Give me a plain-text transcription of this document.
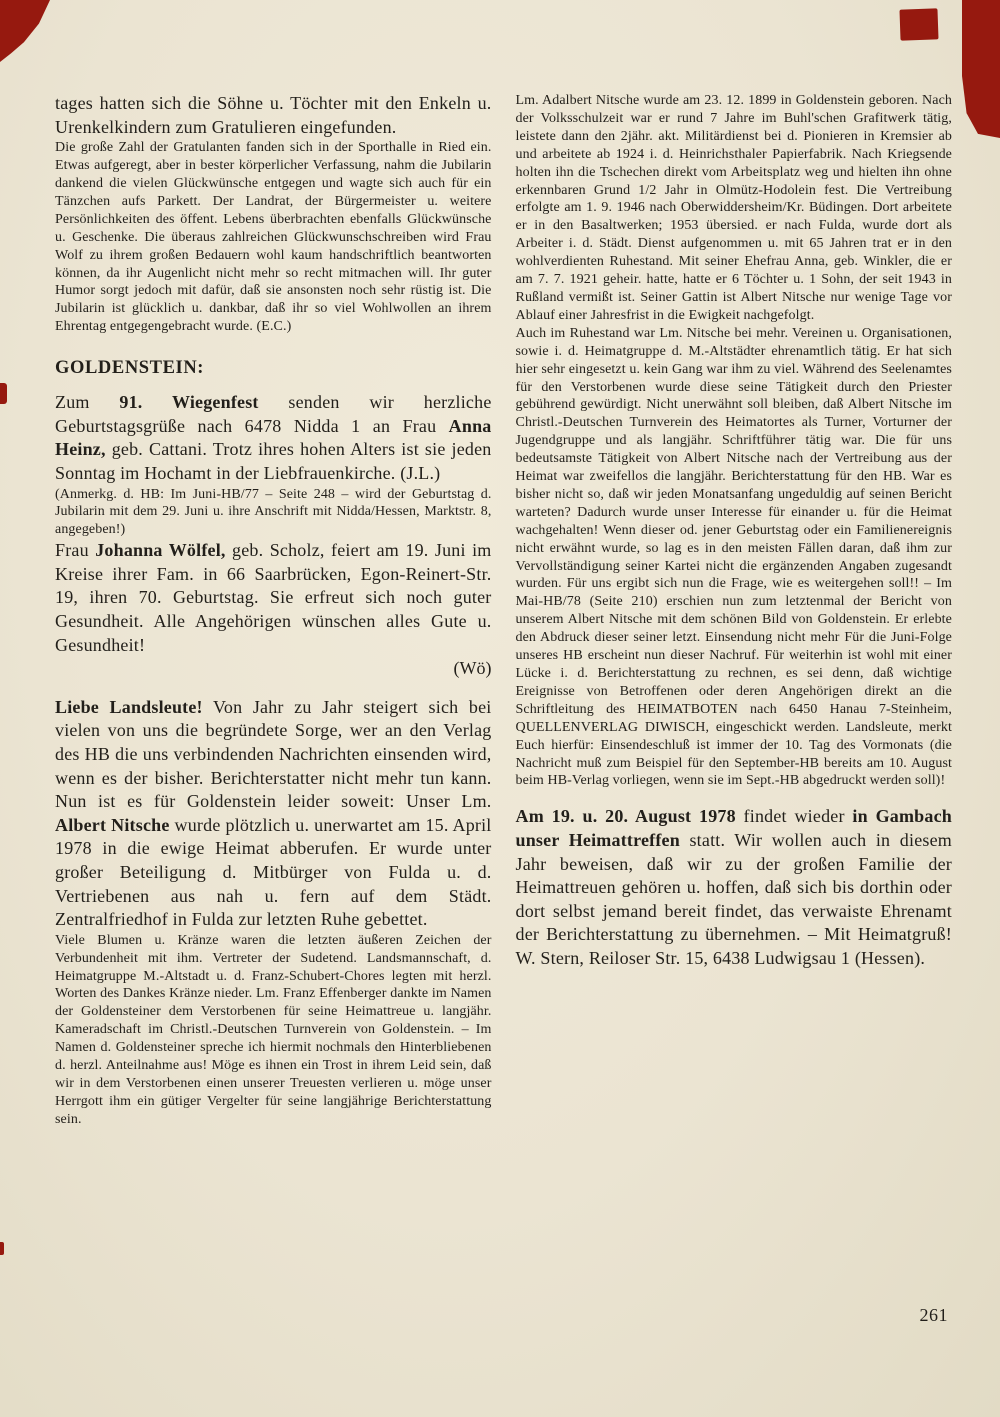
tages hatten sich die Söhne u. Töchter mit den Enkeln u. Urenkelkindern zum Gratulieren eingefunden.

Die große Zahl der Gratulanten fanden sich in der Sporthalle in Ried ein. Etwas aufgeregt, aber in bester körperlicher Verfassung, nahm die Jubilarin dankend die vielen Glückwünsche entgegen und wagte sich auch für ein Tänzchen aufs Parkett. Der Landrat, der Bürgermeister u. weitere Persönlichkeiten des öffent. Lebens überbrachten ebenfalls Glückwünsche u. Geschenke. Die überaus zahlreichen Glückwunschschreiben wird Frau Wolf zu ihrem großen Bedauern wohl kaum handschriftlich beantworten können, da ihr Augenlicht nicht mehr so recht mitmachen will. Ihr guter Humor sorgt jedoch mit dafür, daß sie ansonsten noch sehr rüstig ist. Die Jubilarin ist glücklich u. dankbar, daß ihr so viel Wohlwollen an ihrem Ehrentag entgegengebracht wurde. (E.C.)

GOLDENSTEIN:

Zum 91. Wiegenfest senden wir herzliche Geburtstagsgrüße nach 6478 Nidda 1 an Frau Anna Heinz, geb. Cattani. Trotz ihres hohen Alters ist sie jeden Sonntag im Hochamt in der Liebfrauenkirche. (J.L.)

(Anmerkg. d. HB: Im Juni-HB/77 – Seite 248 – wird der Geburtstag d. Jubilarin mit dem 29. Juni u. ihre Anschrift mit Nidda/Hessen, Marktstr. 8, angegeben!)

Frau Johanna Wölfel, geb. Scholz, feiert am 19. Juni im Kreise ihrer Fam. in 66 Saarbrücken, Egon-Reinert-Str. 19, ihren 70. Geburtstag. Sie erfreut sich noch guter Gesundheit. Alle Angehörigen wünschen alles Gute u. Gesundheit!

(Wö)

Liebe Landsleute! Von Jahr zu Jahr steigert sich bei vielen von uns die begründete Sorge, wer an den Verlag des HB die uns verbindenden Nachrichten einsenden wird, wenn es der bisher. Berichterstatter nicht mehr tun kann. Nun ist es für Goldenstein leider soweit: Unser Lm. Albert Nitsche wurde plötzlich u. unerwartet am 15. April 1978 in die ewige Heimat abberufen. Er wurde unter großer Beteiligung d. Mitbürger von Fulda u. d. Vertriebenen aus nah u. fern auf dem Städt. Zentralfriedhof in Fulda zur letzten Ruhe gebettet.

Viele Blumen u. Kränze waren die letzten äußeren Zeichen der Verbundenheit mit ihm. Vertreter der Sudetend. Landsmannschaft, d. Heimatgruppe M.-Altstadt u. d. Franz-Schubert-Chores legten mit herzl. Worten des Dankes Kränze nieder. Lm. Franz Effenberger dankte im Namen der Goldensteiner dem Verstorbenen für seine Heimattreue u. langjähr. Kameradschaft im Christl.-Deutschen Turnverein von Goldenstein. – Im Namen d. Goldensteiner spreche ich hiermit nochmals den Hinterbliebenen d. herzl. Anteilnahme aus! Möge es ihnen ein Trost in ihrem Leid sein, daß wir in dem Verstorbenen einen unserer Treuesten verlieren u. möge unser Herrgott ihm ein gütiger Vergelter für seine langjährige Berichterstattung sein.

Lm. Adalbert Nitsche wurde am 23. 12. 1899 in Goldenstein geboren. Nach der Volksschulzeit war er rund 7 Jahre im Buhl'schen Grafitwerk tätig, leistete dann den 2jähr. akt. Militärdienst bei d. Pionieren in Kremsier ab und arbeitete ab 1924 i. d. Heinrichsthaler Papierfabrik. Nach Kriegsende holten ihn die Tschechen direkt vom Arbeitsplatz weg und hielten ihn ohne erkennbaren Grund 1/2 Jahr in Olmütz-Hodolein fest. Die Vertreibung erfolgte am 1. 9. 1946 nach Oberwiddersheim/Kr. Büdingen. Dort arbeitete er in den Basaltwerken; 1953 übersied. er nach Fulda, wurde dort als Arbeiter i. d. Städt. Dienst aufgenommen u. mit 65 Jahren trat er in den wohlverdienten Ruhestand. Mit seiner Ehefrau Anna, geb. Winkler, die er am 7. 7. 1921 geheir. hatte, hatte er 6 Töchter u. 1 Sohn, der seit 1943 in Rußland vermißt ist. Seiner Gattin ist Albert Nitsche nur wenige Tage vor Ablauf einer Jahresfrist in die Ewigkeit nachgefolgt.

Auch im Ruhestand war Lm. Nitsche bei mehr. Vereinen u. Organisationen, sowie i. d. Heimatgruppe d. M.-Altstädter ehrenamtlich tätig. Er hat sich hier sehr eingesetzt u. kein Gang war ihm zu viel. Während des Seelenamtes für den Verstorbenen wurde diese seine Tätigkeit durch den Priester gebührend gewürdigt. Nicht unerwähnt soll bleiben, daß Albert Nitsche im Christl.-Deutschen Turnverein des Heimatortes als Turner, Vorturner der Jugendgruppe und als langjähr. Schriftführer tätig war. Die für uns bedeutsamste Tätigkeit von Albert Nitsche nach der Vertreibung aus der Heimat war zweifellos die langjähr. Berichterstattung für den HB. War es bisher nicht so, daß wir jeden Monatsanfang ungeduldig auf seinen Bericht warteten? Dadurch wurde unser Interesse für einander u. für die Heimat wachgehalten! Wenn dieser od. jener Geburtstag oder ein Familienereignis nicht erwähnt wurde, so lag es in den meisten Fällen daran, daß ihm zur Vervollständigung seiner Kartei nicht die ergänzenden Angaben zugesandt wurden. Für uns ergibt sich nun die Frage, wie es weitergehen soll!! – Im Mai-HB/78 (Seite 210) erschien nun zum letztenmal der Bericht von unserem Albert Nitsche mit dem schönen Bild von Goldenstein. Er erlebte den Abdruck dieser seiner letzt. Einsendung nicht mehr Für die Juni-Folge unseres HB erscheint nun dieser Nachruf. Für weiterhin ist wohl mit einer Lücke i. d. Berichterstattung zu rechnen, es sei denn, daß wichtige Ereignisse von Betroffenen oder deren Angehörigen direkt an die Schriftleitung des HEIMATBOTEN nach 6450 Hanau 7-Steinheim, QUELLENVERLAG DIWISCH, eingeschickt werden. Landsleute, merkt Euch hierfür: Einsendeschluß ist immer der 10. Tag des Vormonats (die Nachricht muß zum Beispiel für den September-HB bereits am 10. August beim HB-Verlag vorliegen, wenn sie im Sept.-HB abgedruckt werden soll)!

Am 19. u. 20. August 1978 findet wieder in Gambach unser Heimattreffen statt. Wir wollen auch in diesem Jahr beweisen, daß wir zu der großen Familie der Heimattreuen gehören u. hoffen, daß sich bis dorthin oder dort selbst jemand bereit findet, das verwaiste Ehrenamt der Berichterstattung zu übernehmen. – Mit Heimatgruß! W. Stern, Reiloser Str. 15, 6438 Ludwigsau 1 (Hessen).

261
